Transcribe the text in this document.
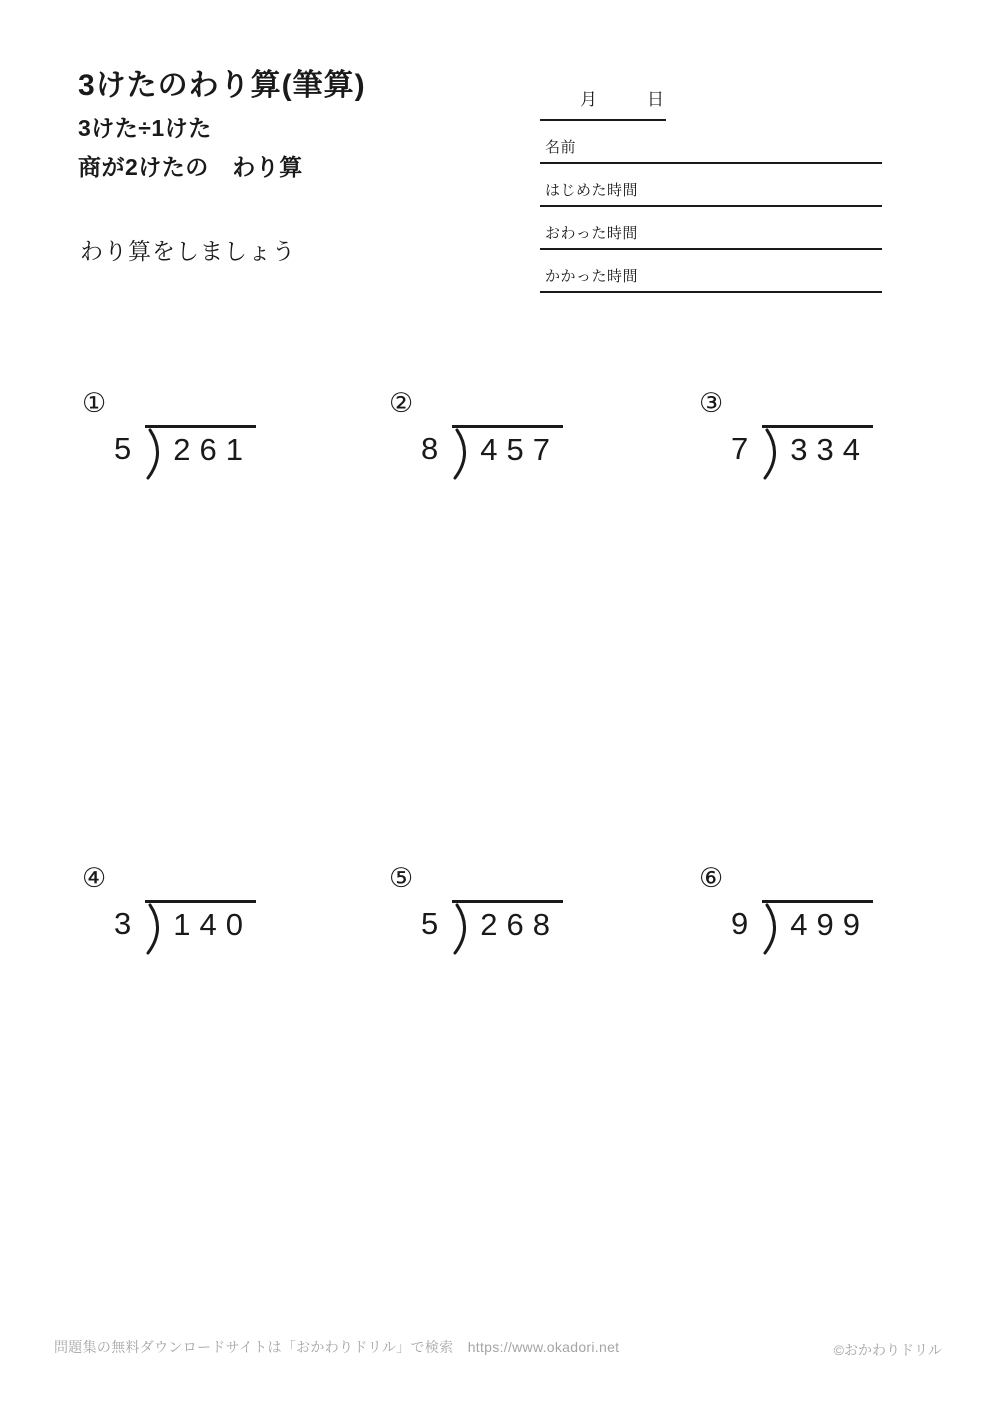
3けたのわり算(筆算)
3けた÷1けた
商が2けたの　わり算
わり算をしましょう
月	日
名前
はじめた時間
おわった時間
かかった時間
①
5 261
②
8 457
③
7 334
④
3 140
⑤
5 268
⑥
9 499
問題集の無料ダウンロードサイトは「おかわりドリル」で検索　https://www.okadori.net	©おかわりドリル
